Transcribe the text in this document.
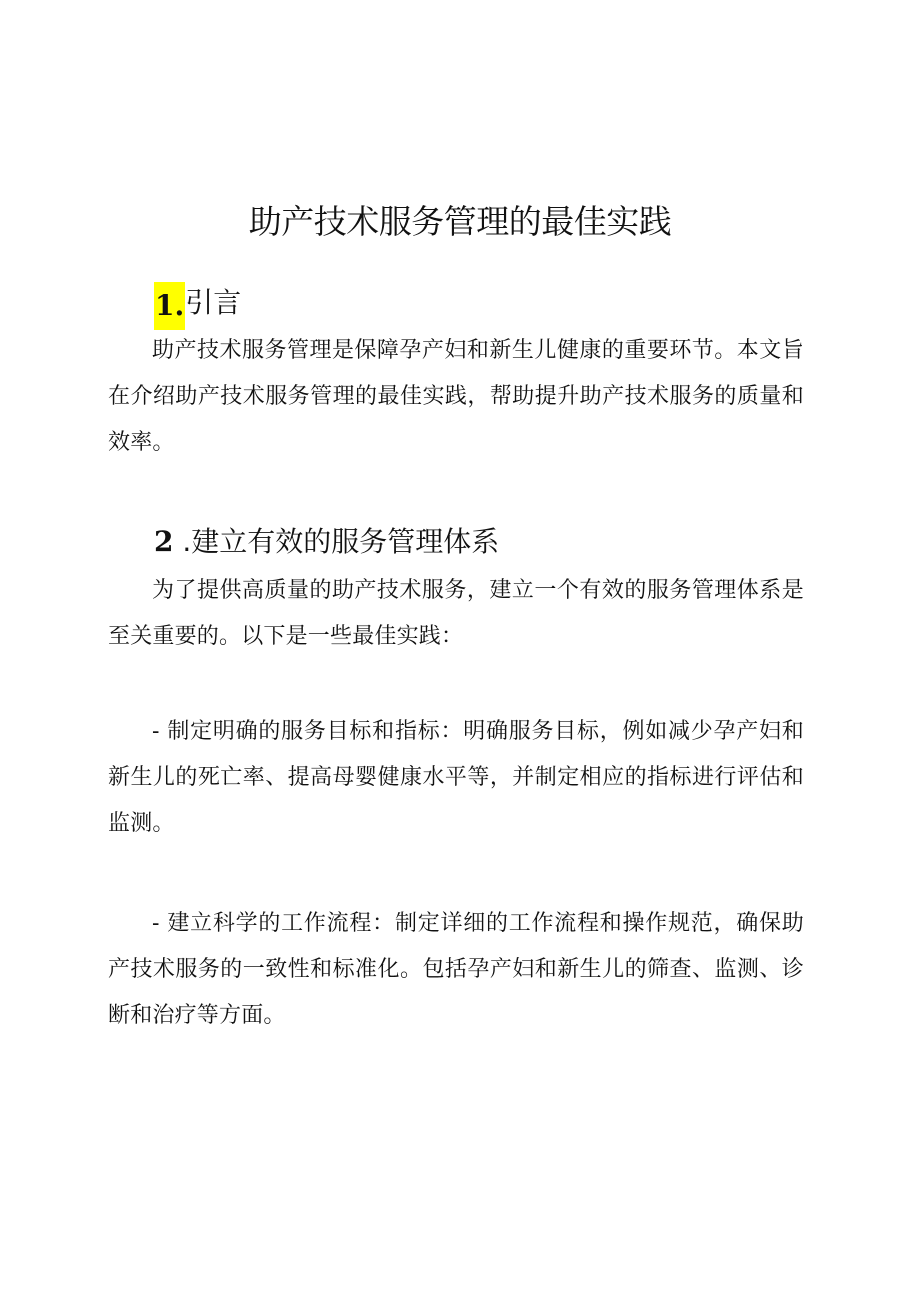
助产技术服务管理的最佳实践
1.引言

助产技术服务管理是保障孕产妇和新生儿健康的重要环节。本文旨在介绍助产技术服务管理的最佳实践，帮助提升助产技术服务的质量和效率。

2 .建立有效的服务管理体系

为了提供高质量的助产技术服务，建立一个有效的服务管理体系是至关重要的。以下是一些最佳实践：

- 制定明确的服务目标和指标：明确服务目标，例如减少孕产妇和新生儿的死亡率、提高母婴健康水平等，并制定相应的指标进行评估和监测。

- 建立科学的工作流程：制定详细的工作流程和操作规范，确保助产技术服务的一致性和标准化。包括孕产妇和新生儿的筛查、监测、诊断和治疗等方面。
